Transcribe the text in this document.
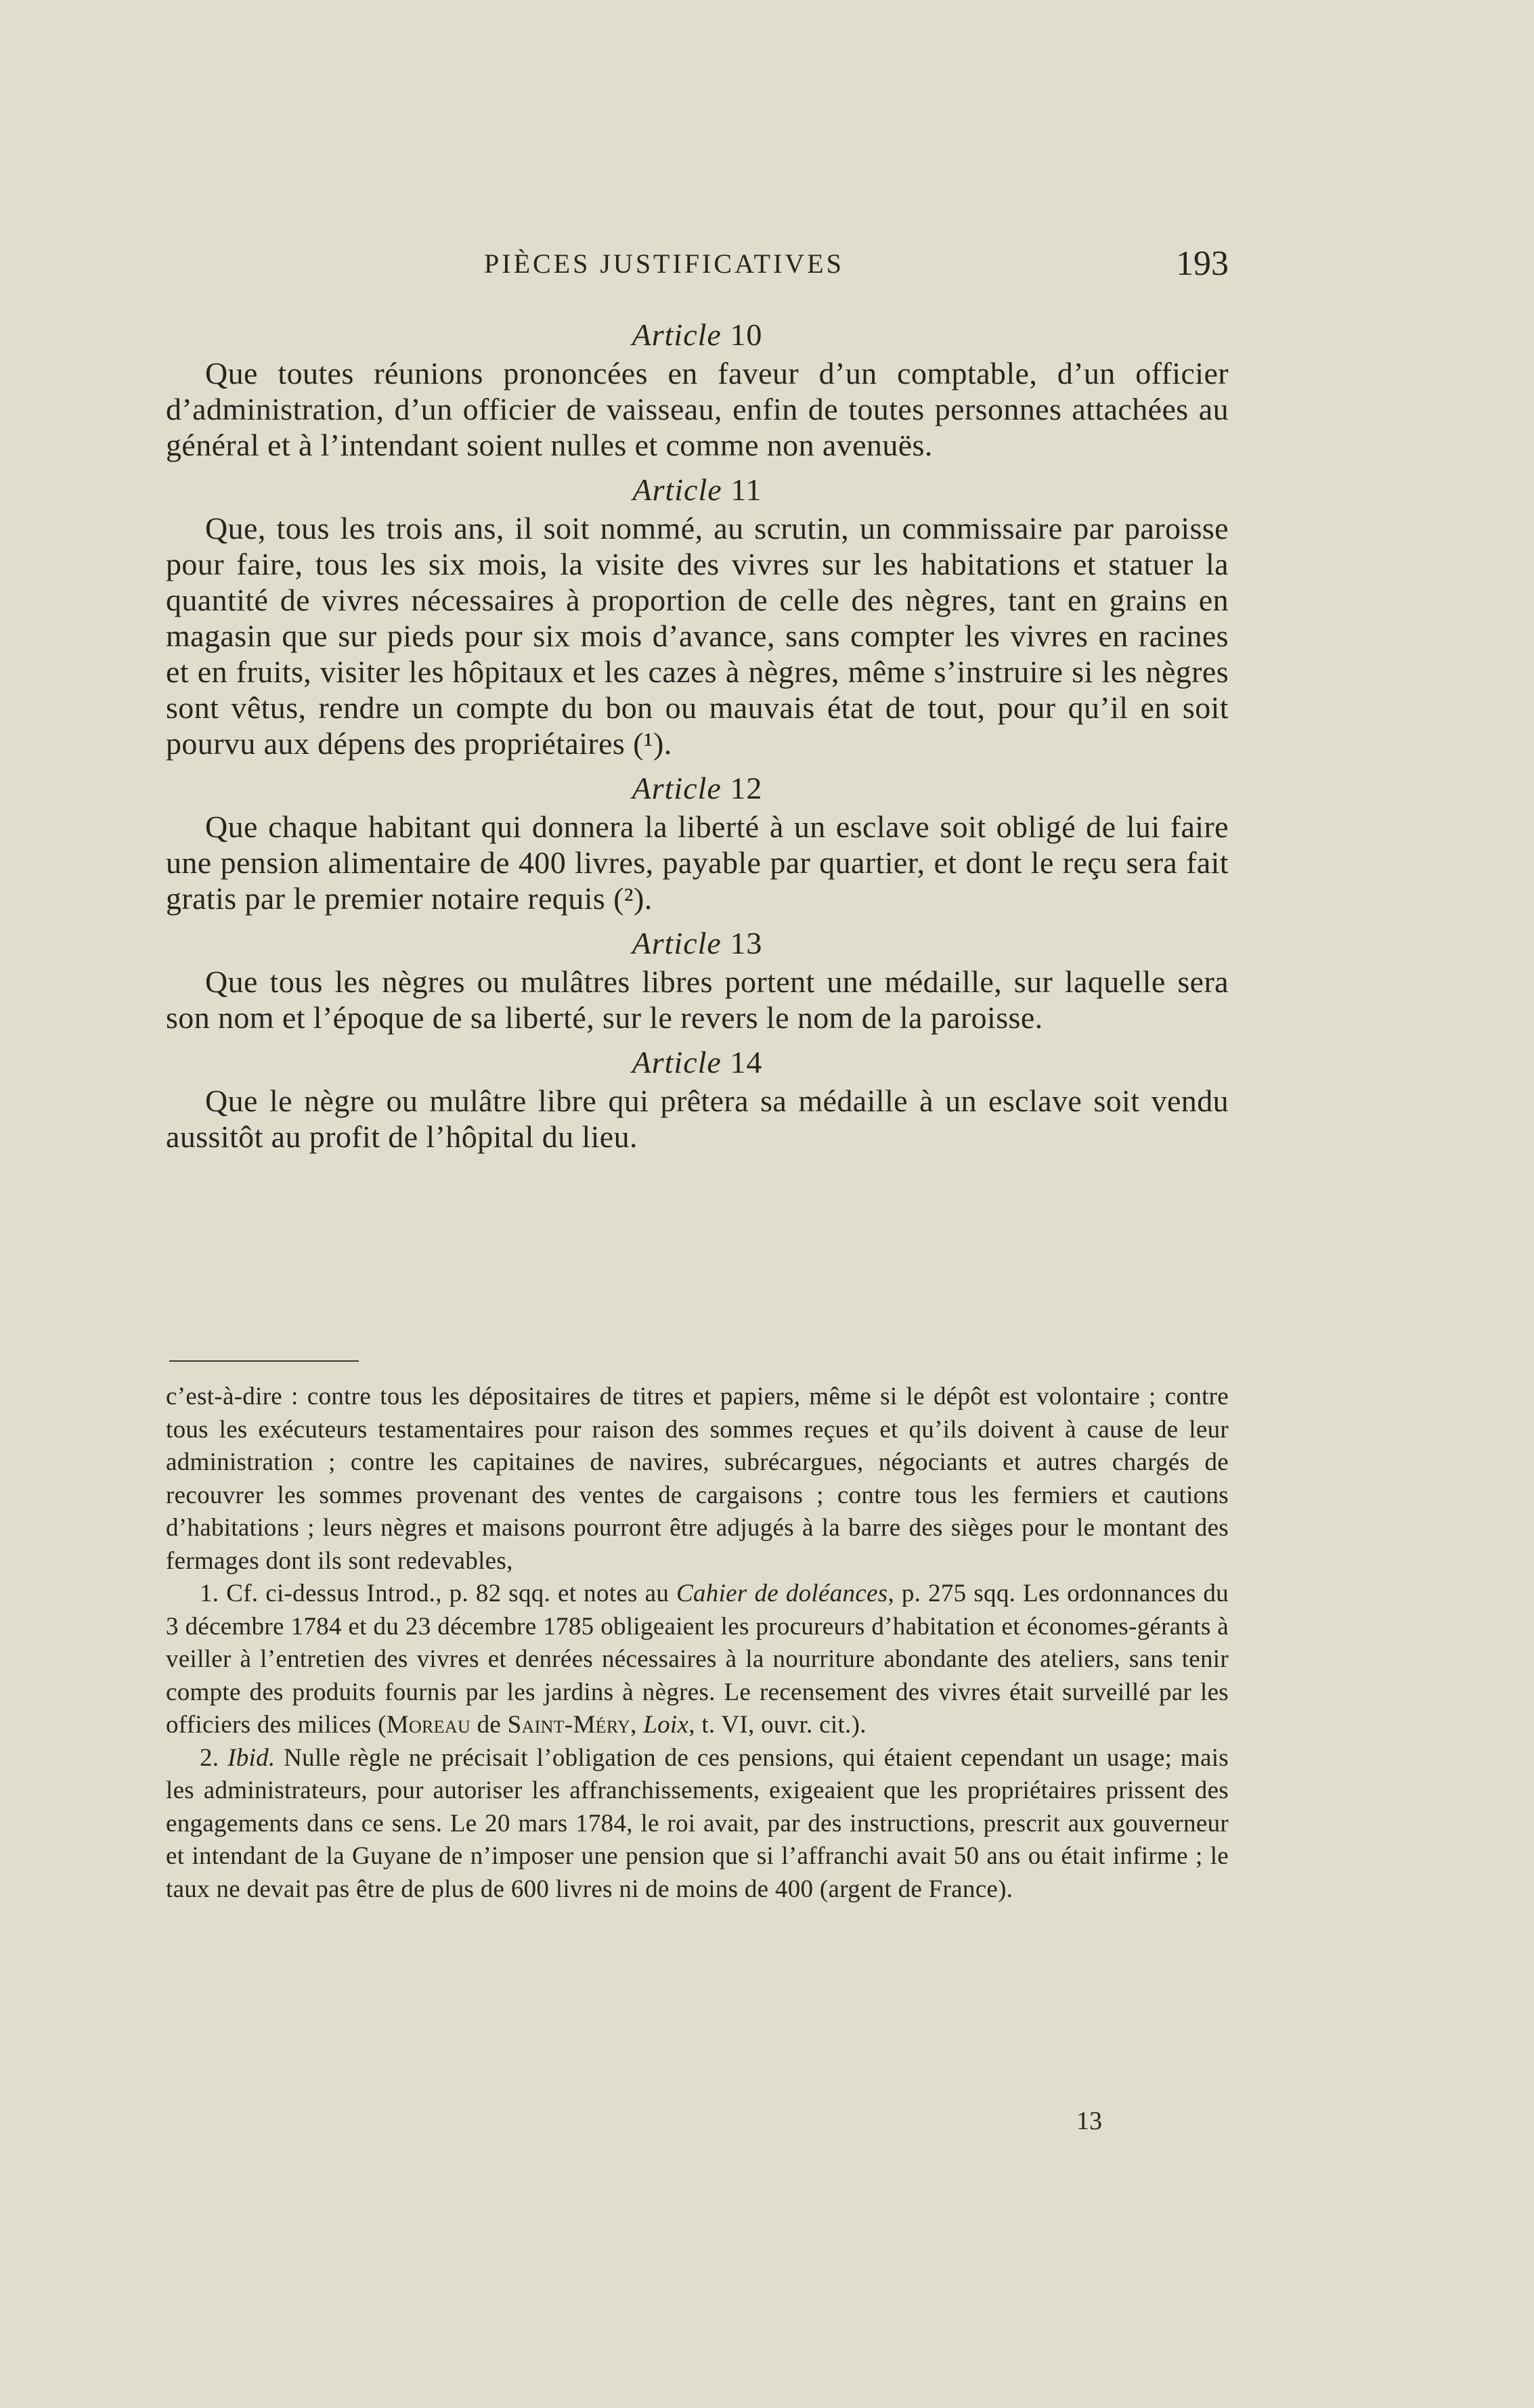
PIÈCES JUSTIFICATIVES	193

Article 10

Que toutes réunions prononcées en faveur d’un comptable, d’un officier d’administration, d’un officier de vaisseau, enfin de toutes personnes attachées au général et à l’intendant soient nulles et comme non avenuës.

Article 11

Que, tous les trois ans, il soit nommé, au scrutin, un commissaire par paroisse pour faire, tous les six mois, la visite des vivres sur les habitations et statuer la quantité de vivres nécessaires à proportion de celle des nègres, tant en grains en magasin que sur pieds pour six mois d’avance, sans compter les vivres en racines et en fruits, visiter les hôpitaux et les cazes à nègres, même s’instruire si les nègres sont vêtus, rendre un compte du bon ou mauvais état de tout, pour qu’il en soit pourvu aux dépens des propriétaires (¹).

Article 12

Que chaque habitant qui donnera la liberté à un esclave soit obligé de lui faire une pension alimentaire de 400 livres, payable par quartier, et dont le reçu sera fait gratis par le premier notaire requis (²).

Article 13

Que tous les nègres ou mulâtres libres portent une médaille, sur laquelle sera son nom et l’époque de sa liberté, sur le revers le nom de la paroisse.

Article 14

Que le nègre ou mulâtre libre qui prêtera sa médaille à un esclave soit vendu aussitôt au profit de l’hôpital du lieu.

c’est-à-dire : contre tous les dépositaires de titres et papiers, même si le dépôt est volontaire ; contre tous les exécuteurs testamentaires pour raison des sommes reçues et qu’ils doivent à cause de leur administration ; contre les capitaines de navires, subrécargues, négociants et autres chargés de recouvrer les sommes provenant des ventes de cargaisons ; contre tous les fermiers et cautions d’habitations ; leurs nègres et maisons pourront être adjugés à la barre des sièges pour le montant des fermages dont ils sont redevables,

1. Cf. ci-dessus Introd., p. 82 sqq. et notes au Cahier de doléances, p. 275 sqq. Les ordonnances du 3 décembre 1784 et du 23 décembre 1785 obligeaient les procureurs d’habitation et économes-gérants à veiller à l’entretien des vivres et denrées nécessaires à la nourriture abondante des ateliers, sans tenir compte des produits fournis par les jardins à nègres. Le recensement des vivres était surveillé par les officiers des milices (Moreau de Saint-Méry, Loix, t. VI, ouvr. cit.).

2. Ibid. Nulle règle ne précisait l’obligation de ces pensions, qui étaient cependant un usage; mais les administrateurs, pour autoriser les affranchissements, exigeaient que les propriétaires prissent des engagements dans ce sens. Le 20 mars 1784, le roi avait, par des instructions, prescrit aux gouverneur et intendant de la Guyane de n’imposer une pension que si l’affranchi avait 50 ans ou était infirme ; le taux ne devait pas être de plus de 600 livres ni de moins de 400 (argent de France).

13
